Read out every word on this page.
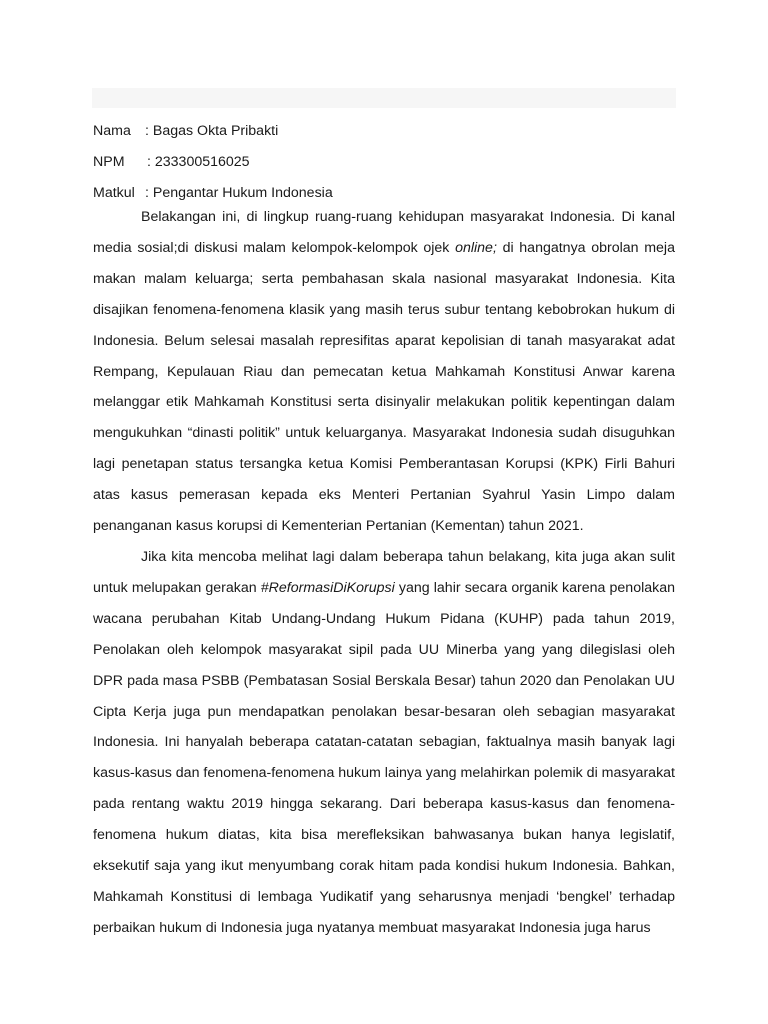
Nama : Bagas Okta Pribakti
NPM	: 233300516025
Matkul : Pengantar Hukum Indonesia

Belakangan ini, di lingkup ruang-ruang kehidupan masyarakat Indonesia. Di kanal media sosial;di diskusi malam kelompok-kelompok ojek online; di hangatnya obrolan meja makan malam keluarga; serta pembahasan skala nasional masyarakat Indonesia. Kita disajikan fenomena-fenomena klasik yang masih terus subur tentang kebobrokan hukum di Indonesia. Belum selesai masalah represifitas aparat kepolisian di tanah masyarakat adat Rempang, Kepulauan Riau dan pemecatan ketua Mahkamah Konstitusi Anwar karena melanggar etik Mahkamah Konstitusi serta disinyalir melakukan politik kepentingan dalam mengukuhkan “dinasti politik” untuk keluarganya. Masyarakat Indonesia sudah disuguhkan lagi penetapan status tersangka ketua Komisi Pemberantasan Korupsi (KPK) Firli Bahuri atas kasus pemerasan kepada eks Menteri Pertanian Syahrul Yasin Limpo dalam penanganan kasus korupsi di Kementerian Pertanian (Kementan) tahun 2021.

Jika kita mencoba melihat lagi dalam beberapa tahun belakang, kita juga akan sulit untuk melupakan gerakan #ReformasiDiKorupsi yang lahir secara organik karena penolakan wacana perubahan Kitab Undang-Undang Hukum Pidana (KUHP) pada tahun 2019, Penolakan oleh kelompok masyarakat sipil pada UU Minerba yang yang dilegislasi oleh DPR pada masa PSBB (Pembatasan Sosial Berskala Besar) tahun 2020 dan Penolakan UU Cipta Kerja juga pun mendapatkan penolakan besar-besaran oleh sebagian masyarakat Indonesia. Ini hanyalah beberapa catatan-catatan sebagian, faktualnya masih banyak lagi kasus-kasus dan fenomena-fenomena hukum lainya yang melahirkan polemik di masyarakat pada rentang waktu 2019 hingga sekarang. Dari beberapa kasus-kasus dan fenomena-fenomena hukum diatas, kita bisa merefleksikan bahwasanya bukan hanya legislatif, eksekutif saja yang ikut menyumbang corak hitam pada kondisi hukum Indonesia. Bahkan, Mahkamah Konstitusi di lembaga Yudikatif yang seharusnya menjadi ‘bengkel’ terhadap perbaikan hukum di Indonesia juga nyatanya membuat masyarakat Indonesia juga harus
